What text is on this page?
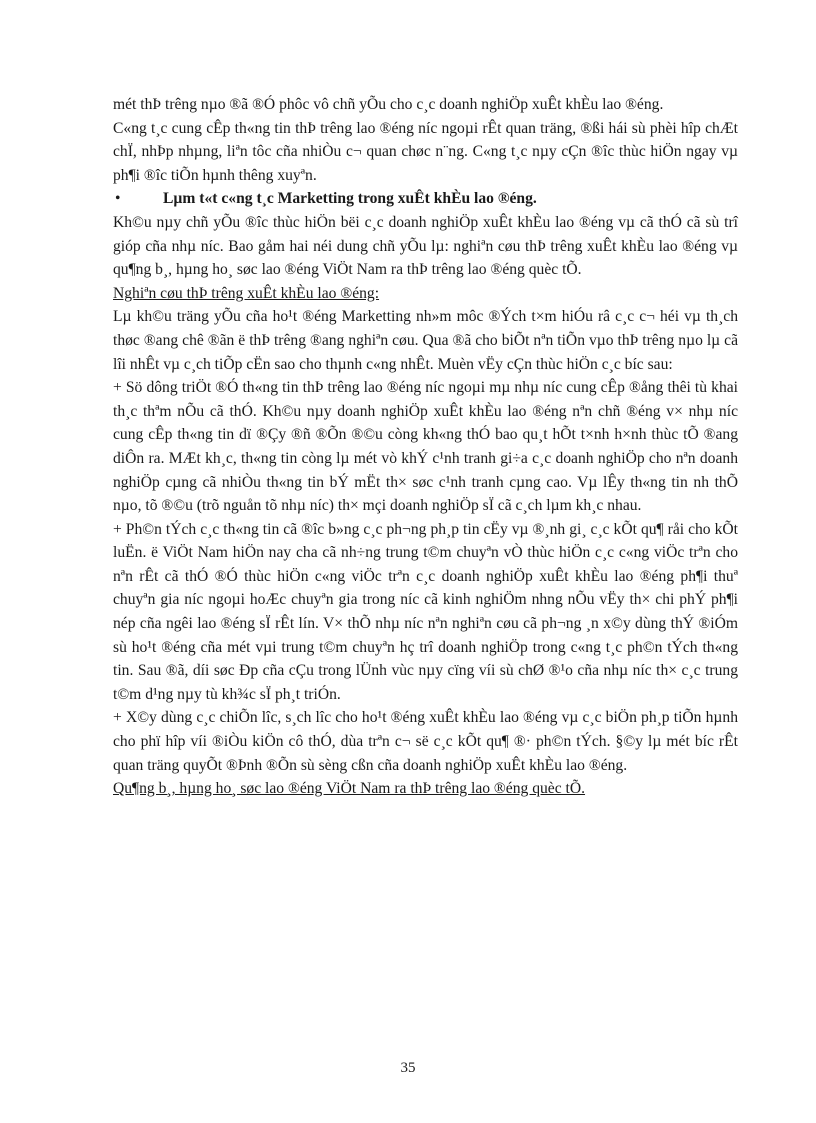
mét thÞ trêng nµo ®ã ®Ó phôc vô chñ yÕu cho c¸c doanh nghiÖp xuÊt khÈu lao ®éng.

C«ng t¸c cung cÊp th«ng tin thÞ trêng lao ®éng níc ngoµi rÊt quan träng, ®ßi hái sù phèi hîp chÆt chÏ, nhÞp nhµng, liªn tôc cña nhiÒu c¬ quan chøc n¨ng. C«ng t¸c nµy cÇn ®îc thùc hiÖn ngay vµ ph¶i ®îc tiÕn hµnh thêng xuyªn.

•	Lµm t«t c«ng t¸c Marketting trong xuÊt khÈu lao ®éng.

Kh©u nµy chñ yÕu ®îc thùc hiÖn bëi c¸c doanh nghiÖp xuÊt khÈu lao ®éng vµ cã thÓ cã sù trî gióp cña nhµ níc. Bao gåm hai néi dung chñ yÕu lµ: nghiªn cøu thÞ trêng xuÊt khÈu lao ®éng vµ qu¶ng b¸, hµng ho¸ søc lao ®éng ViÖt Nam ra thÞ trêng lao ®éng quèc tÕ.

Nghiªn cøu thÞ trêng xuÊt khÈu lao ®éng:

Lµ kh©u träng yÕu cña ho¹t ®éng Marketting nh»m môc ®Ých t×m hiÓu râ c¸c c¬ héi vµ th¸ch thøc ®ang chê ®ãn ë thÞ trêng ®ang nghiªn cøu. Qua ®ã cho biÕt nªn tiÕn vµo thÞ trêng nµo lµ cã lîi nhÊt vµ c¸ch tiÕp cËn sao cho thµnh c«ng nhÊt. Muèn vËy cÇn thùc hiÖn c¸c bíc sau:

+ Sö dông triÖt ®Ó th«ng tin thÞ trêng lao ®éng níc ngoµi mµ nhµ níc cung cÊp ®ång thêi tù khai th¸c thªm nÕu cã thÓ. Kh©u nµy doanh nghiÖp xuÊt khÈu lao ®éng nªn chñ ®éng v× nhµ níc cung cÊp th«ng tin dï ®Çy ®ñ ®Õn ®©u còng kh«ng thÓ bao qu¸t hÕt t×nh h×nh thùc tÕ ®ang diÔn ra. MÆt kh¸c, th«ng tin còng lµ mét vò khÝ c¹nh tranh gi÷a c¸c doanh nghiÖp cho nªn doanh nghiÖp cµng cã nhiÒu th«ng tin bÝ mËt th× søc c¹nh tranh cµng cao. Vµ lÊy th«ng tin nh thÕ nµo, tõ ®©u (trõ nguån tõ nhµ níc) th× mçi doanh nghiÖp sÏ cã c¸ch lµm kh¸c nhau.

+ Ph©n tÝch c¸c th«ng tin cã ®îc b»ng c¸c ph¬ng ph¸p tin cËy vµ ®¸nh gi¸ c¸c kÕt qu¶ råi cho kÕt luËn. ë ViÖt Nam hiÖn nay cha cã nh÷ng trung t©m chuyªn vÒ thùc hiÖn c¸c c«ng viÖc trªn cho nªn rÊt cã thÓ ®Ó thùc hiÖn c«ng viÖc trªn c¸c doanh nghiÖp xuÊt khÈu lao ®éng ph¶i thuª chuyªn gia níc ngoµi hoÆc chuyªn gia trong níc cã kinh nghiÖm nhng nÕu vËy th× chi phÝ ph¶i nép cña ngêi lao ®éng sÏ rÊt lín. V× thÕ nhµ níc nªn nghiªn cøu cã ph¬ng ¸n x©y dùng thÝ ®iÓm sù ho¹t ®éng cña mét vµi trung t©m chuyªn hç trî doanh nghiÖp trong c«ng t¸c ph©n tÝch th«ng tin. Sau ®ã, díi søc Ðp cña cÇu trong lÜnh vùc nµy cïng víi sù chØ ®¹o cña nhµ níc th× c¸c trung t©m d¹ng nµy tù kh¾c sÏ ph¸t triÓn.

+ X©y dùng c¸c chiÕn lîc, s¸ch lîc cho ho¹t ®éng xuÊt khÈu lao ®éng vµ c¸c biÖn ph¸p tiÕn hµnh cho phï hîp víi ®iÒu kiÖn cô thÓ, dùa trªn c¬ së c¸c kÕt qu¶ ®· ph©n tÝch. §©y lµ mét bíc rÊt quan träng quyÕt ®Þnh ®Õn sù sèng cßn cña doanh nghiÖp xuÊt khÈu lao ®éng.

Qu¶ng b¸, hµng ho¸ søc lao ®éng ViÖt Nam ra thÞ trêng lao ®éng quèc tÕ.

35
